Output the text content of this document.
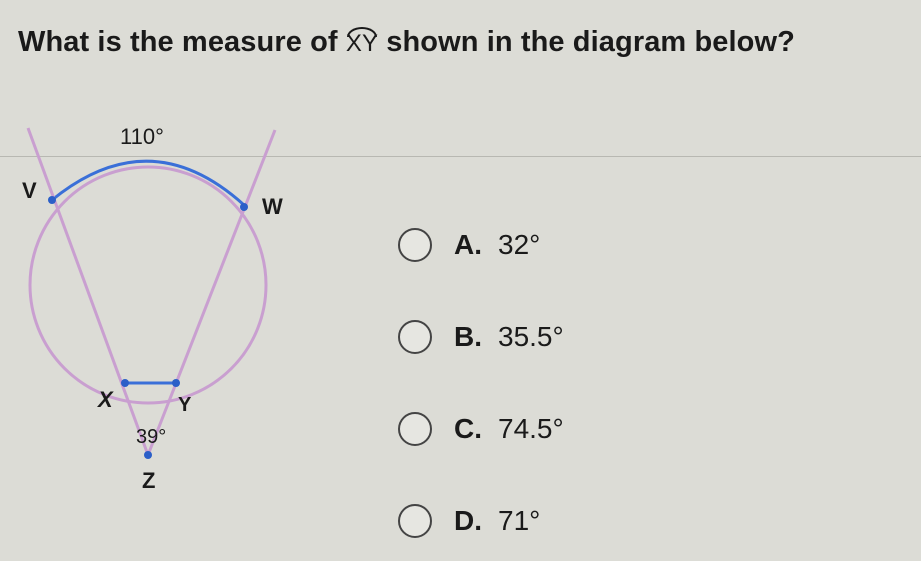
What is the measure of XY shown in the diagram below?
110°
V
W
X	Y
39°
Z
A. 32°
B. 35.5°
C. 74.5°
D. 71°
